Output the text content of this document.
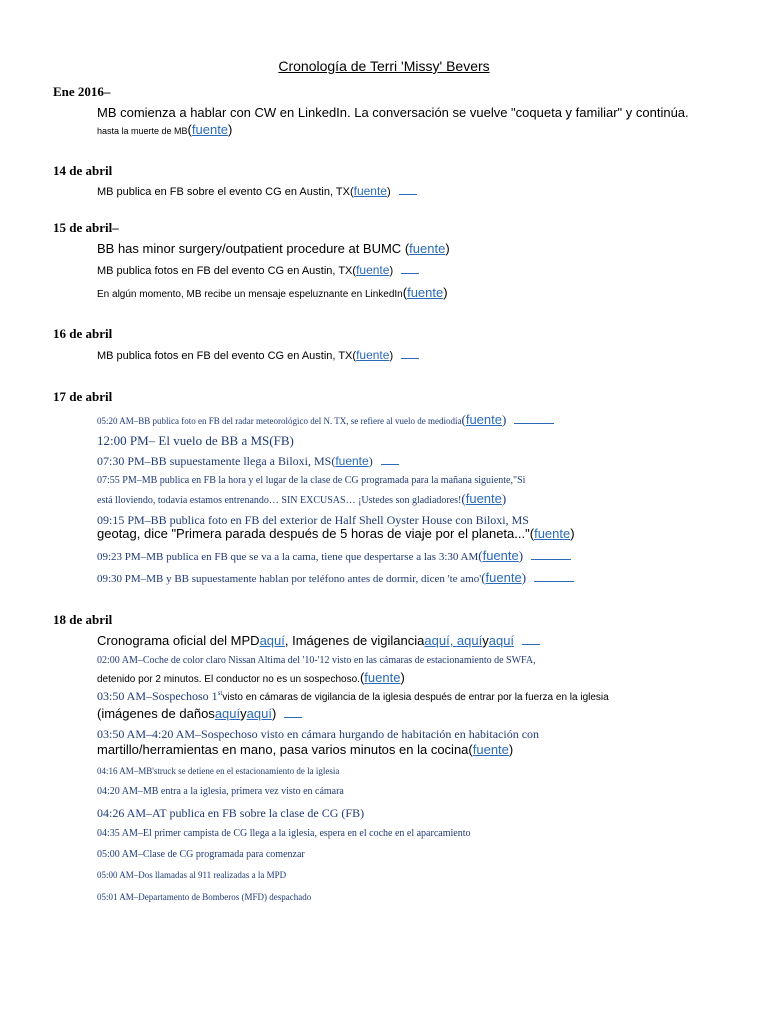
Cronología de Terri 'Missy' Bevers
Ene 2016–
MB comienza a hablar con CW en LinkedIn. La conversación se vuelve "coqueta y familiar" y continúa.
hasta la muerte de MB(fuente)
14 de abril
MB publica en FB sobre el evento CG en Austin, TX(fuente)
15 de abril–
BB has minor surgery/outpatient procedure at BUMC (fuente)
MB publica fotos en FB del evento CG en Austin, TX(fuente)
En algún momento, MB recibe un mensaje espeluznante en LinkedIn(fuente)
16 de abril
MB publica fotos en FB del evento CG en Austin, TX(fuente)
17 de abril
05:20 AM–BB publica foto en FB del radar meteorológico del N. TX, se refiere al vuelo de mediodía(fuente)
12:00 PM– El vuelo de BB a MS(FB)
07:30 PM–BB supuestamente llega a Biloxi, MS(fuente)
07:55 PM–MB publica en FB la hora y el lugar de la clase de CG programada para la mañana siguiente,"Si
está lloviendo, todavía estamos entrenando… SIN EXCUSAS… ¡Ustedes son gladiadores!(fuente)
09:15 PM–BB publica foto en FB del exterior de Half Shell Oyster House con Biloxi, MS
geotag, dice "Primera parada después de 5 horas de viaje por el planeta..."(fuente)
09:23 PM–MB publica en FB que se va a la cama, tiene que despertarse a las 3:30 AM(fuente)
09:30 PM–MB y BB supuestamente hablan por teléfono antes de dormir, dicen 'te amo'(fuente)
18 de abril
Cronograma oficial del MPDaquí, Imágenes de vigilanciaaquí, aquíyaquí
02:00 AM–Coche de color claro Nissan Altima del '10-'12 visto en las cámaras de estacionamiento de SWFA,
detenido por 2 minutos. El conductor no es un sospechoso.(fuente)
03:50 AM–Sospechoso 1stvisto en cámaras de vigilancia de la iglesia después de entrar por la fuerza en la iglesia
(imágenes de dañosaquíyaquí)
03:50 AM–4:20 AM–Sospechoso visto en cámara hurgando de habitación en habitación con
martillo/herramientas en mano, pasa varios minutos en la cocina(fuente)
04:16 AM–MB'struck se detiene en el estacionamiento de la iglesia
04:20 AM–MB entra a la iglesia, primera vez visto en cámara
04:26 AM–AT publica en FB sobre la clase de CG (FB)
04:35 AM–El primer campista de CG llega a la iglesia, espera en el coche en el aparcamiento
05:00 AM–Clase de CG programada para comenzar
05:00 AM–Dos llamadas al 911 realizadas a la MPD
05:01 AM–Departamento de Bomberos (MFD) despachado
